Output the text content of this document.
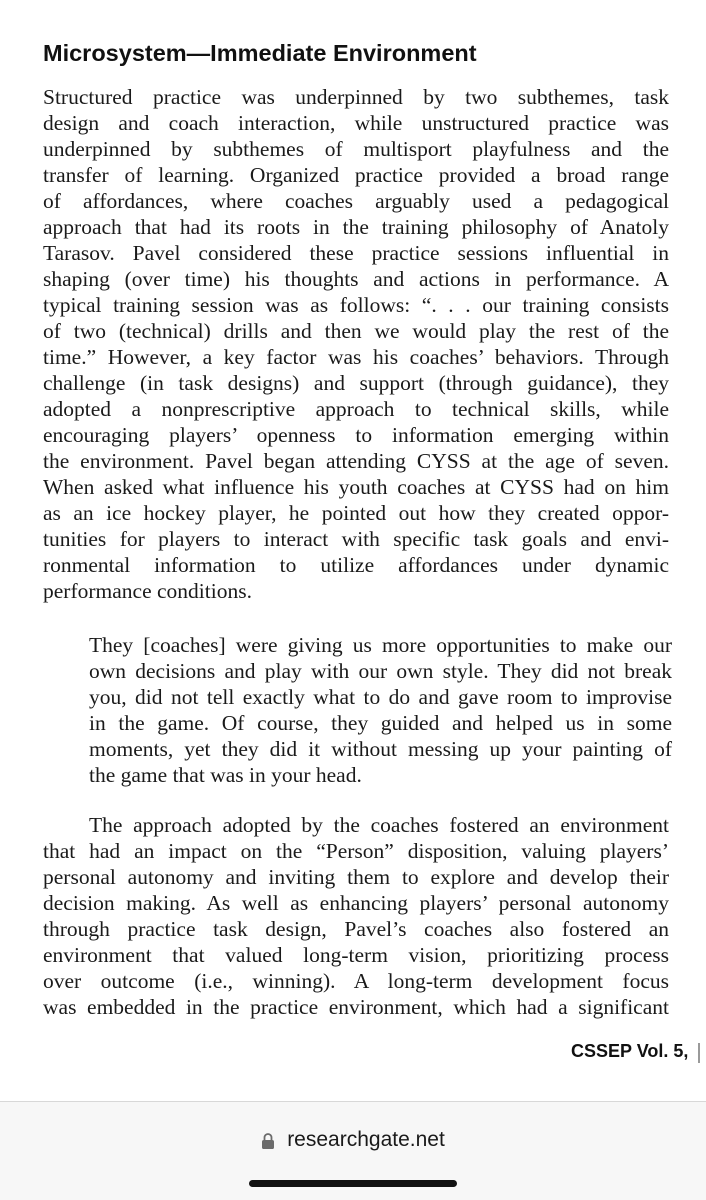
Microsystem—Immediate Environment
Structured practice was underpinned by two subthemes, task
design and coach interaction, while unstructured practice was
underpinned by subthemes of multisport playfulness and the
transfer of learning. Organized practice provided a broad range
of affordances, where coaches arguably used a pedagogical
approach that had its roots in the training philosophy of Anatoly
Tarasov. Pavel considered these practice sessions influential in
shaping (over time) his thoughts and actions in performance. A
typical training session was as follows: “. . . our training consists
of two (technical) drills and then we would play the rest of the
time.” However, a key factor was his coaches’ behaviors. Through
challenge (in task designs) and support (through guidance), they
adopted a nonprescriptive approach to technical skills, while
encouraging players’ openness to information emerging within
the environment. Pavel began attending CYSS at the age of seven.
When asked what influence his youth coaches at CYSS had on him
as an ice hockey player, he pointed out how they created oppor-
tunities for players to interact with specific task goals and envi-
ronmental information to utilize affordances under dynamic
performance conditions.
They [coaches] were giving us more opportunities to make our
own decisions and play with our own style. They did not break
you, did not tell exactly what to do and gave room to improvise
in the game. Of course, they guided and helped us in some
moments, yet they did it without messing up your painting of
the game that was in your head.
The approach adopted by the coaches fostered an environment
that had an impact on the “Person” disposition, valuing players’
personal autonomy and inviting them to explore and develop their
decision making. As well as enhancing players’ personal autonomy
through practice task design, Pavel’s coaches also fostered an
environment that valued long-term vision, prioritizing process
over outcome (i.e., winning). A long-term development focus
was embedded in the practice environment, which had a significant
CSSEP Vol. 5,
researchgate.net
